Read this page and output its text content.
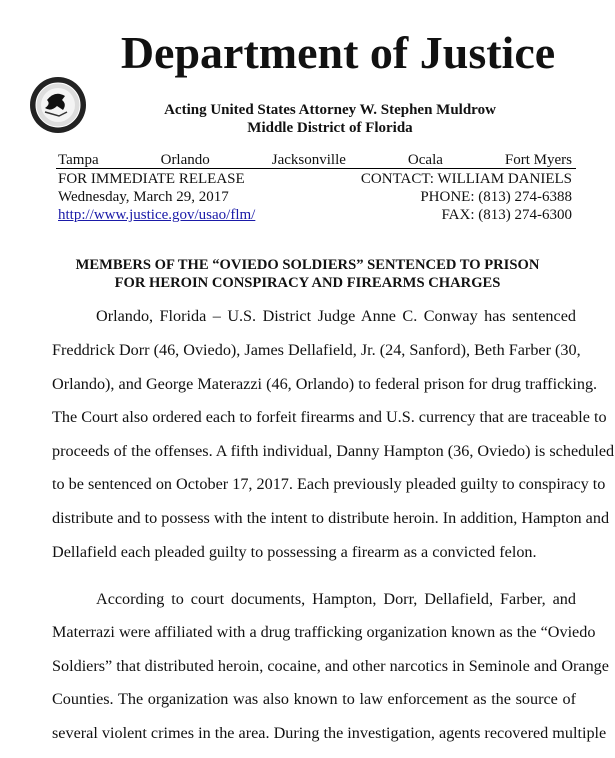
Department of Justice
Acting United States Attorney W. Stephen Muldrow
Middle District of Florida
Tampa	Orlando	Jacksonville	Ocala	Fort Myers
FOR IMMEDIATE RELEASE	CONTACT: WILLIAM DANIELS
Wednesday, March 29, 2017	PHONE: (813) 274-6388
http://www.justice.gov/usao/flm/	FAX: (813) 274-6300
MEMBERS OF THE “OVIEDO SOLDIERS” SENTENCED TO PRISON
FOR HEROIN CONSPIRACY AND FIREARMS CHARGES
Orlando, Florida – U.S. District Judge Anne C. Conway has sentenced
Freddrick Dorr (46, Oviedo), James Dellafield, Jr. (24, Sanford), Beth Farber (30,
Orlando), and George Materazzi (46, Orlando) to federal prison for drug trafficking.
The Court also ordered each to forfeit firearms and U.S. currency that are traceable to
proceeds of the offenses. A fifth individual, Danny Hampton (36, Oviedo) is scheduled
to be sentenced on October 17, 2017. Each previously pleaded guilty to conspiracy to
distribute and to possess with the intent to distribute heroin. In addition, Hampton and
Dellafield each pleaded guilty to possessing a firearm as a convicted felon.
According to court documents, Hampton, Dorr, Dellafield, Farber, and
Materrazi were affiliated with a drug trafficking organization known as the “Oviedo
Soldiers” that distributed heroin, cocaine, and other narcotics in Seminole and Orange
Counties. The organization was also known to law enforcement as the source of
several violent crimes in the area. During the investigation, agents recovered multiple
